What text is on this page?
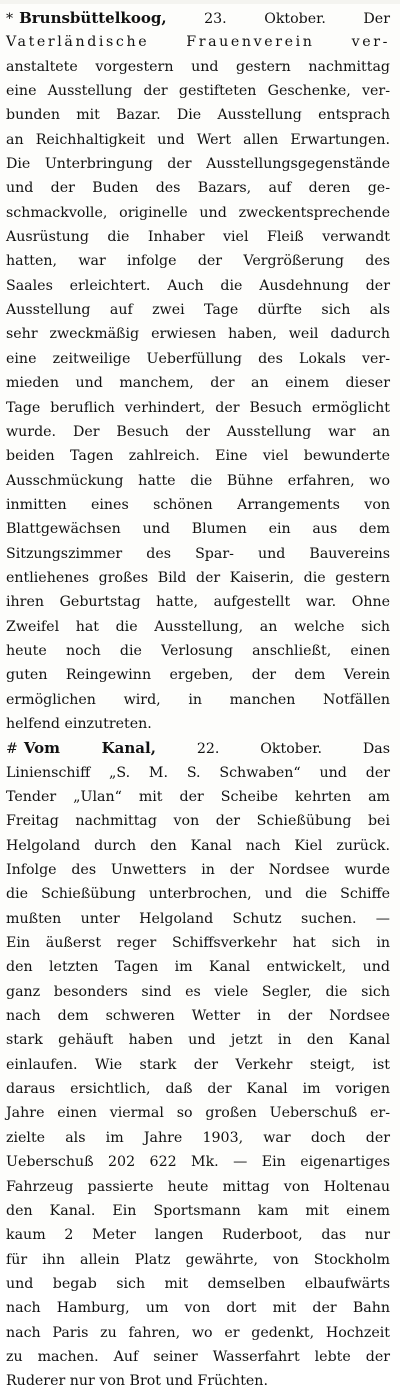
* Brunsbüttelkoog,	23. Oktober. Der
Vaterländische Frauenverein ver-
anstaltete vorgestern und gestern nachmittag
eine Ausstellung der gestifteten Geschenke, ver-
bunden mit Bazar. Die Ausstellung entsprach
an Reichhaltigkeit und Wert allen Erwartungen.
Die Unterbringung der Ausstellungsgegenstände
und der Buden des Bazars, auf deren ge-
schmackvolle, originelle und zweckentsprechende
Ausrüstung die Inhaber viel Fleiß verwandt
hatten, war infolge der Vergrößerung des
Saales erleichtert. Auch die Ausdehnung der
Ausstellung auf zwei Tage dürfte sich als
sehr zweckmäßig erwiesen haben, weil dadurch
eine zeitweilige Ueberfüllung des Lokals ver-
mieden und manchem, der an einem dieser
Tage beruflich verhindert, der Besuch ermöglicht
wurde. Der Besuch der Ausstellung war an
beiden Tagen zahlreich. Eine viel bewunderte
Ausschmückung hatte die Bühne erfahren, wo
inmitten eines schönen Arrangements von
Blattgewächsen und Blumen ein aus dem
Sitzungszimmer des Spar- und Bauvereins
entliehenes großes Bild der Kaiserin, die gestern
ihren Geburtstag hatte, aufgestellt war. Ohne
Zweifel hat die Ausstellung, an welche sich
heute noch die Verlosung anschließt, einen
guten Reingewinn ergeben, der dem Verein
ermöglichen wird, in manchen Notfällen
helfend einzutreten.
# Vom Kanal,	22. Oktober. Das
Linienschiff „S. M. S. Schwaben“ und der
Tender „Ulan“ mit der Scheibe kehrten am
Freitag nachmittag von der Schießübung bei
Helgoland durch den Kanal nach Kiel zurück.
Infolge des Unwetters in der Nordsee wurde
die Schießübung unterbrochen, und die Schiffe
mußten unter Helgoland Schutz suchen. —
Ein äußerst reger Schiffsverkehr hat sich in
den letzten Tagen im Kanal entwickelt, und
ganz besonders sind es viele Segler, die sich
nach dem schweren Wetter in der Nordsee
stark gehäuft haben und jetzt in den Kanal
einlaufen. Wie stark der Verkehr steigt, ist
daraus ersichtlich, daß der Kanal im vorigen
Jahre einen viermal so großen Ueberschuß er-
zielte als im Jahre 1903, war doch der
Ueberschuß 202 622 Mk. — Ein eigenartiges
Fahrzeug passierte heute mittag von Holtenau
den Kanal. Ein Sportsmann kam mit einem
kaum 2 Meter langen Ruderboot, das nur
für ihn allein Platz gewährte, von Stockholm
und begab sich mit demselben elbaufwärts
nach Hamburg, um von dort mit der Bahn
nach Paris zu fahren, wo er gedenkt, Hochzeit
zu machen. Auf seiner Wasserfahrt lebte der
Ruderer nur von Brot und Früchten.
